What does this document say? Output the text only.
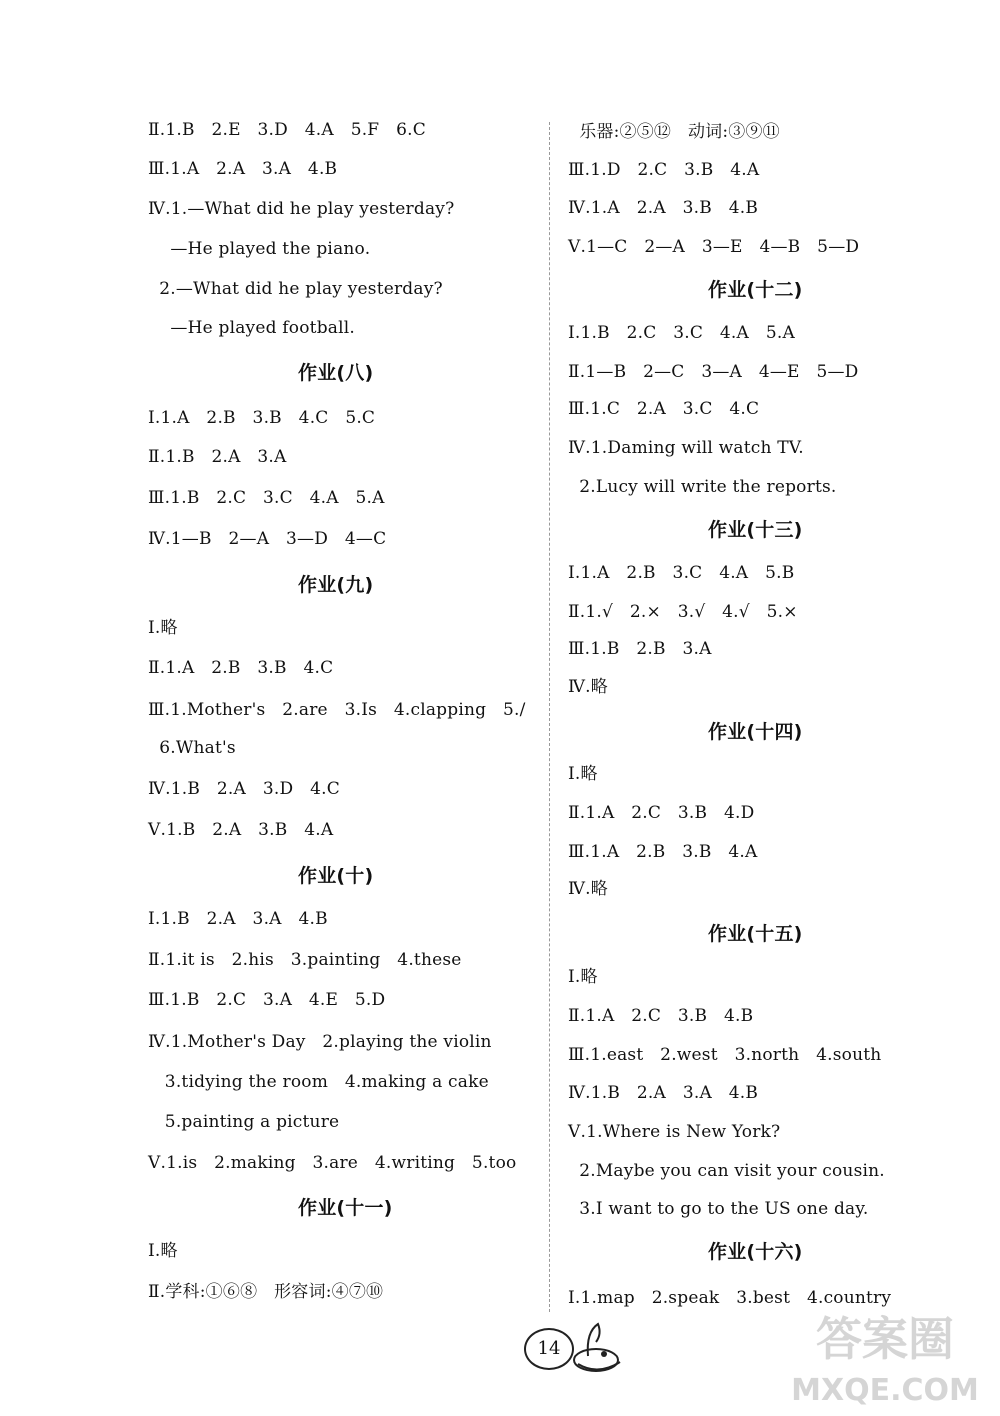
Ⅱ.1.B   2.E   3.D   4.A   5.F   6.C
Ⅲ.1.A   2.A   3.A   4.B
Ⅳ.1.—What did he play yesterday?
—He played the piano.
2.—What did he play yesterday?
—He played football.
作业(八)
Ⅰ.1.A   2.B   3.B   4.C   5.C
Ⅱ.1.B   2.A   3.A
Ⅲ.1.B   2.C   3.C   4.A   5.A
Ⅳ.1—B   2—A   3—D   4—C
作业(九)
Ⅰ.略
Ⅱ.1.A   2.B   3.B   4.C
Ⅲ.1.Mother's   2.are   3.Is   4.clapping   5./
6.What's
Ⅳ.1.B   2.A   3.D   4.C
Ⅴ.1.B   2.A   3.B   4.A
作业(十)
Ⅰ.1.B   2.A   3.A   4.B
Ⅱ.1.it is   2.his   3.painting   4.these
Ⅲ.1.B   2.C   3.A   4.E   5.D
Ⅳ.1.Mother's Day   2.playing the violin
3.tidying the room   4.making a cake
5.painting a picture
Ⅴ.1.is   2.making   3.are   4.writing   5.too
作业(十一)
Ⅰ.略
Ⅱ.学科:①⑥⑧   形容词:④⑦⑩
乐器:②⑤⑫   动词:③⑨⑪
Ⅲ.1.D   2.C   3.B   4.A
Ⅳ.1.A   2.A   3.B   4.B
Ⅴ.1—C   2—A   3—E   4—B   5—D
作业(十二)
Ⅰ.1.B   2.C   3.C   4.A   5.A
Ⅱ.1—B   2—C   3—A   4—E   5—D
Ⅲ.1.C   2.A   3.C   4.C
Ⅳ.1.Daming will watch TV.
2.Lucy will write the reports.
作业(十三)
Ⅰ.1.A   2.B   3.C   4.A   5.B
Ⅱ.1.√   2.×   3.√   4.√   5.×
Ⅲ.1.B   2.B   3.A
Ⅳ.略
作业(十四)
Ⅰ.略
Ⅱ.1.A   2.C   3.B   4.D
Ⅲ.1.A   2.B   3.B   4.A
Ⅳ.略
作业(十五)
Ⅰ.略
Ⅱ.1.A   2.C   3.B   4.B
Ⅲ.1.east   2.west   3.north   4.south
Ⅳ.1.B   2.A   3.A   4.B
Ⅴ.1.Where is New York?
2.Maybe you can visit your cousin.
3.I want to go to the US one day.
作业(十六)
Ⅰ.1.map   2.speak   3.best   4.country
14	答案圈
MXQE.COM
